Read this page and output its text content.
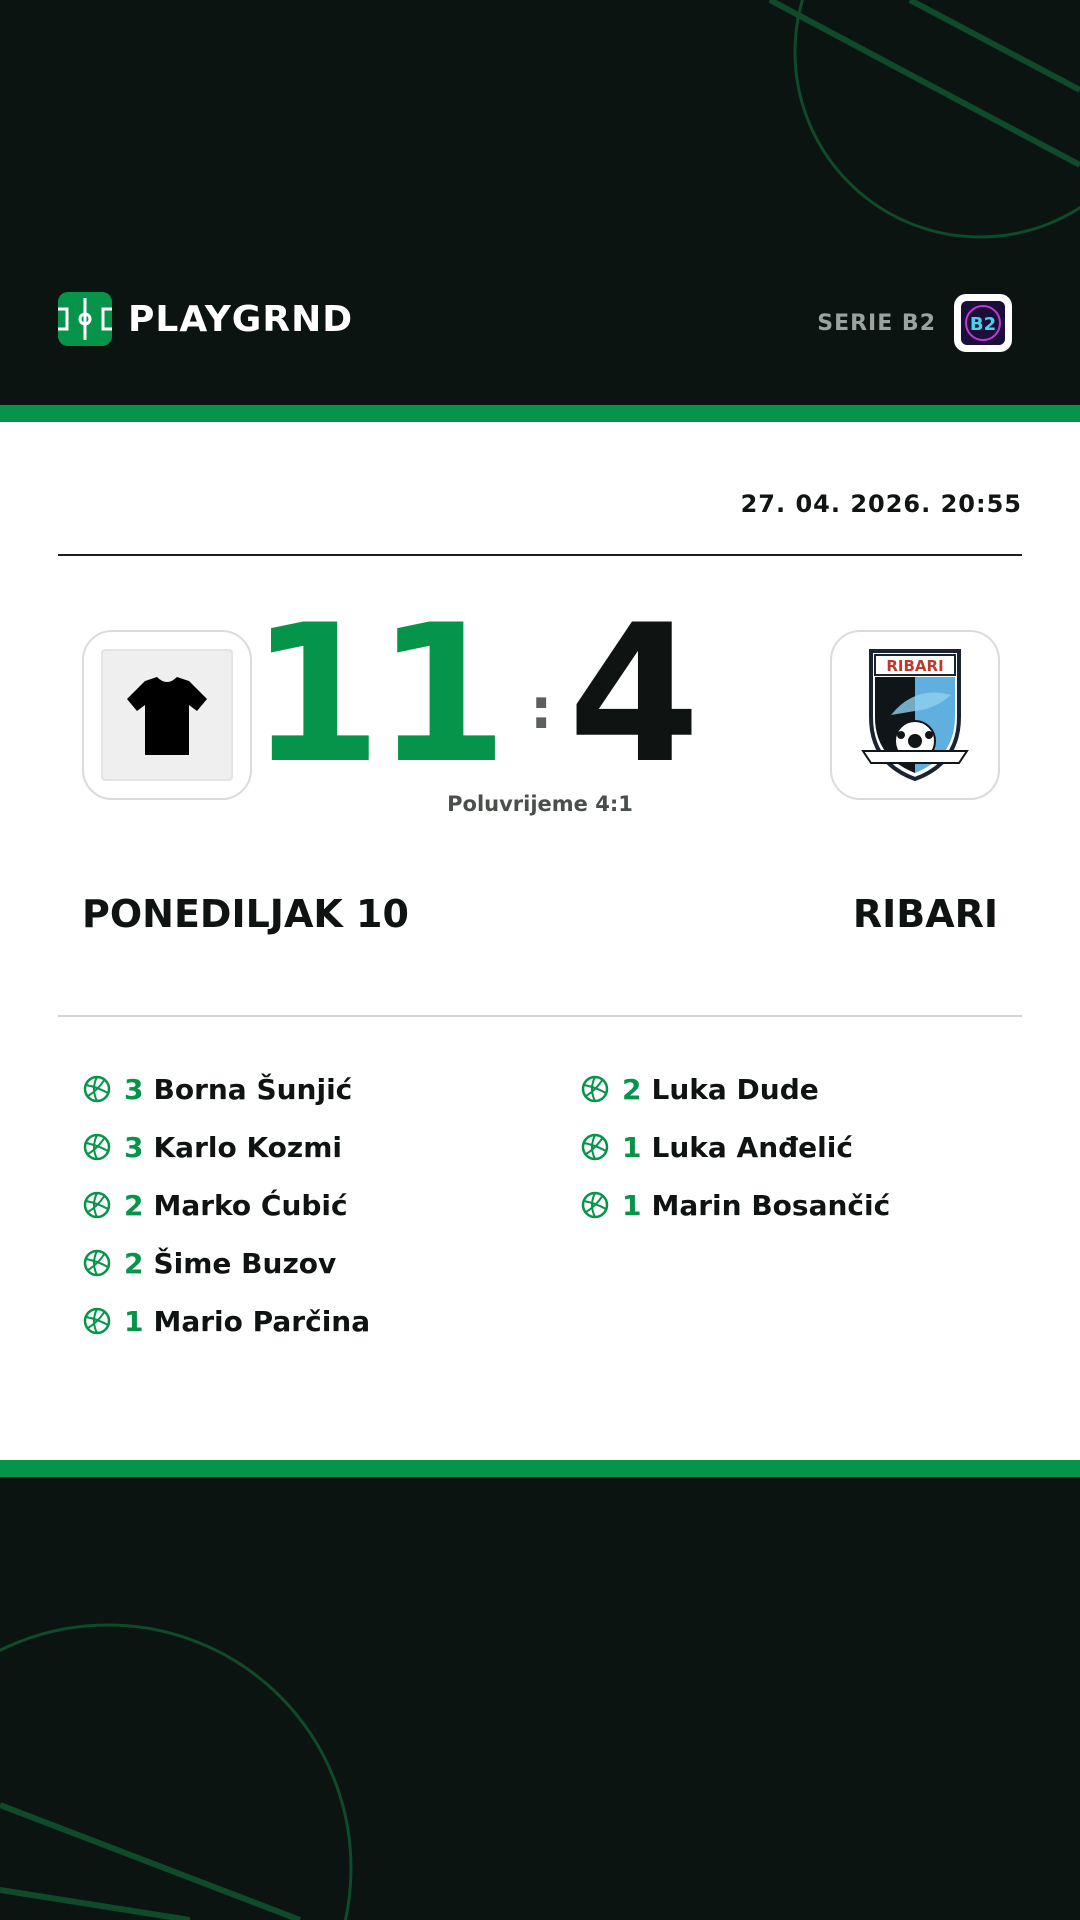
PLAYGRND	SERIE B2 B2
27. 04. 2026. 20:55
11 : 4	RIBARI
Poluvrijeme 4:1
PONEDILJAK 10	RIBARI
3 Borna Šunjić
3 Karlo Kozmi
2 Marko Ćubić
2 Šime Buzov
1 Mario Parčina
2 Luka Dude
1 Luka Anđelić
1 Marin Bosančić
